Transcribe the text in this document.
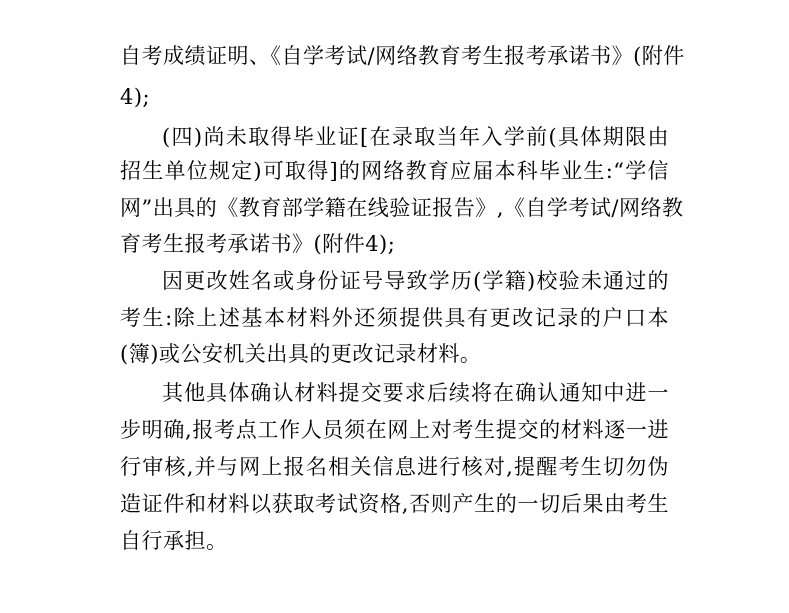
自考成绩证明、《自学考试/网络教育考生报考承诺书》(附件
4);
(四)尚未取得毕业证[在录取当年入学前(具体期限由
招生单位规定)可取得]的网络教育应届本科毕业生:“学信
网”出具的《教育部学籍在线验证报告》,《自学考试/网络教
育考生报考承诺书》(附件4);
因更改姓名或身份证号导致学历(学籍)校验未通过的
考生:除上述基本材料外还须提供具有更改记录的户口本
(簿)或公安机关出具的更改记录材料。
其他具体确认材料提交要求后续将在确认通知中进一
步明确,报考点工作人员须在网上对考生提交的材料逐一进
行审核,并与网上报名相关信息进行核对,提醒考生切勿伪
造证件和材料以获取考试资格,否则产生的一切后果由考生
自行承担。
